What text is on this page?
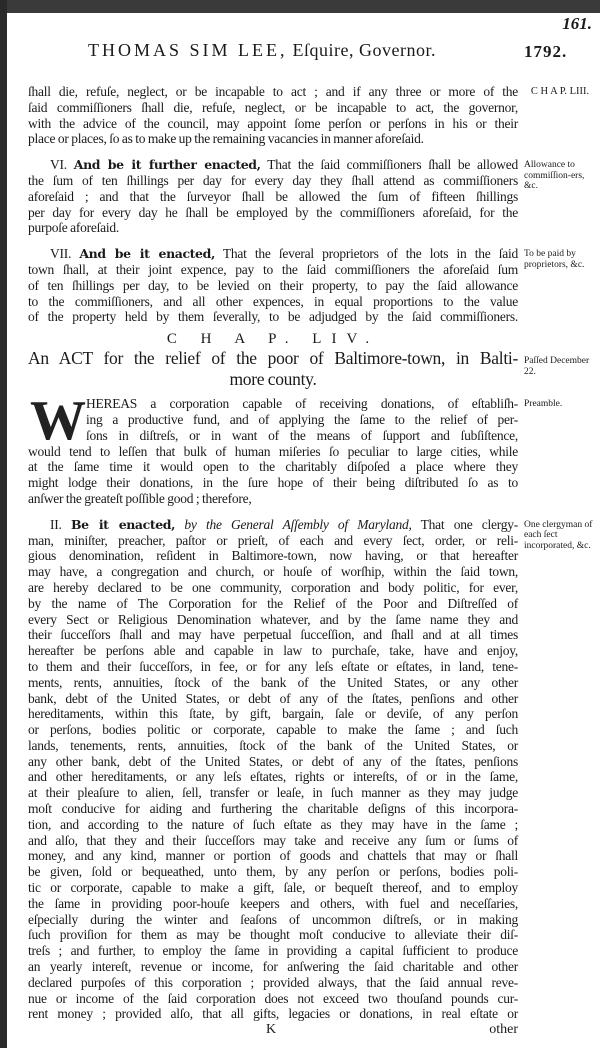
161.
THOMAS SIM LEE, Eſquire, Governor.	1792.
ſhall die, refuſe, neglect, or be incapable to act ; and if any three or more of the
ſaid commiſſioners ſhall die, refuſe, neglect, or be incapable to act, the governor,
with the advice of the council, may appoint ſome perſon or perſons in his or their
place or places, ſo as to make up the remaining vacancies in manner aforeſaid.
C H A P. LIII.
VI. And be it further enacted, That the ſaid commiſſioners ſhall be allowed
the ſum of ten ſhillings per day for every day they ſhall attend as commiſſioners
aforeſaid ; and that the ſurveyor ſhall be allowed the ſum of fifteen ſhillings
per day for every day he ſhall be employed by the commiſſioners aforeſaid, for the
purpoſe aforeſaid.
Allowance to commiſſion-ers, &c.
VII. And be it enacted, That the ſeveral proprietors of the lots in the ſaid
town ſhall, at their joint expence, pay to the ſaid commiſſioners the aforeſaid ſum
of ten ſhillings per day, to be levied on their property, to pay the ſaid allowance
to the commiſſioners, and all other expences, in equal proportions to the value
of the property held by them ſeverally, to be adjudged by the ſaid commiſſioners.
To be paid by proprietors, &c.
C H A P. LIV.
An ACT for the relief of the poor of Baltimore-town, in Balti-
more county.
Paſſed December 22.
W HEREAS a corporation capable of receiving donations, of eſtabliſh-
ing a productive fund, and of applying the ſame to the relief of per-
ſons in diſtreſs, or in want of the means of ſupport and ſubſiſtence,
would tend to leſſen that bulk of human miſeries ſo peculiar to large cities, while
at the ſame time it would open to the charitably diſpoſed a place where they
might lodge their donations, in the ſure hope of their being diſtributed ſo as to
anſwer the greateſt poſſible good ; therefore,
Preamble.
II. Be it enacted, by the General Aſſembly of Maryland, That one clergy-
man, miniſter, preacher, paſtor or prieſt, of each and every ſect, order, or reli-
gious denomination, reſident in Baltimore-town, now having, or that hereafter
may have, a congregation and church, or houſe of worſhip, within the ſaid town,
are hereby declared to be one community, corporation and body politic, for ever,
by the name of The Corporation for the Relief of the Poor and Diſtreſſed of
every Sect or Religious Denomination whatever, and by the ſame name they and
their ſucceſſors ſhall and may have perpetual ſucceſſion, and ſhall and at all times
hereafter be perſons able and capable in law to purchaſe, take, have and enjoy,
to them and their ſucceſſors, in fee, or for any leſs eſtate or eſtates, in land, tene-
ments, rents, annuities, ſtock of the bank of the United States, or any other
bank, debt of the United States, or debt of any of the ſtates, penſions and other
hereditaments, within this ſtate, by gift, bargain, ſale or deviſe, of any perſon
or perſons, bodies politic or corporate, capable to make the ſame ; and ſuch
lands, tenements, rents, annuities, ſtock of the bank of the United States, or
any other bank, debt of the United States, or debt of any of the ſtates, penſions
and other hereditaments, or any leſs eſtates, rights or intereſts, of or in the ſame,
at their pleaſure to alien, ſell, transfer or leaſe, in ſuch manner as they may judge
moſt conducive for aiding and furthering the charitable deſigns of this incorpora-
tion, and according to the nature of ſuch eſtate as they may have in the ſame ;
and alſo, that they and their ſucceſſors may take and receive any ſum or ſums of
money, and any kind, manner or portion of goods and chattels that may or ſhall
be given, ſold or bequeathed, unto them, by any perſon or perſons, bodies poli-
tic or corporate, capable to make a gift, ſale, or bequeſt thereof, and to employ
the ſame in providing poor-houſe keepers and others, with fuel and neceſſaries,
eſpecially during the winter and ſeaſons of uncommon diſtreſs, or in making
ſuch proviſion for them as may be thought moſt conducive to alleviate their diſ-
treſs ; and further, to employ the ſame in providing a capital ſufficient to produce
an yearly intereſt, revenue or income, for anſwering the ſaid charitable and other
declared purpoſes of this corporation ; provided always, that the ſaid annual reve-
nue or income of the ſaid corporation does not exceed two thouſand pounds cur-
rent money ; provided alſo, that all gifts, legacies or donations, in real eſtate or
One clergyman of each ſect incorporated, &c.
K	other
